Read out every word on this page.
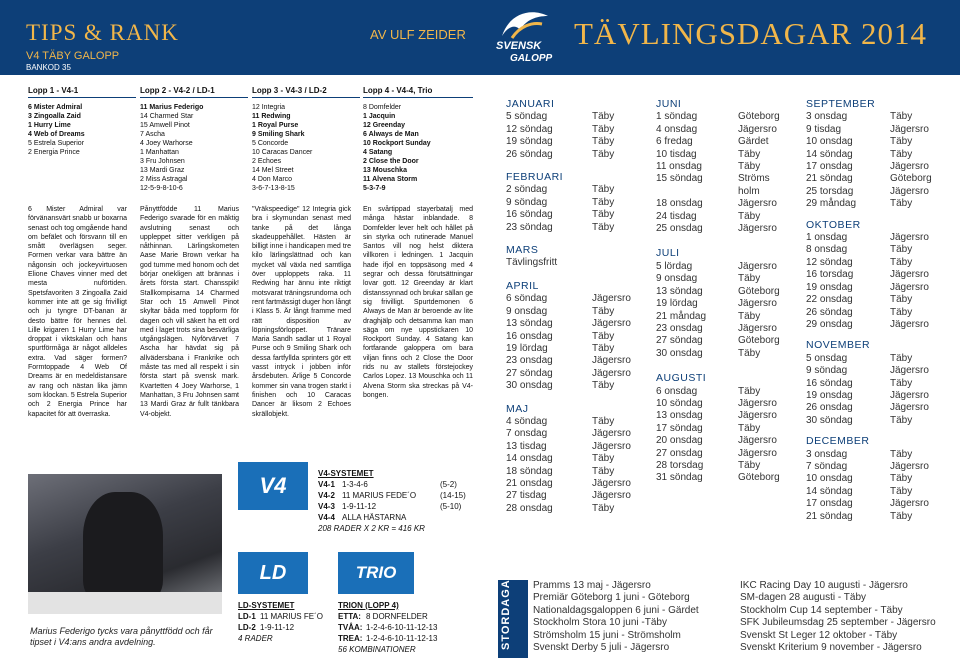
TIPS & RANK
V4 TÄBY GALOPP
BANKOD 35
AV ULF ZEIDER
SVENSK
GALOPP
TÄVLINGSDAGAR 2014
Lopp 1 - V4-1	Lopp 2 - V4-2 / LD-1	Lopp 3 - V4-3 / LD-2	Lopp 4 - V4-4, Trio
6 Mister Admiral
3 Zingoalla Zaid
1 Hurry Lime
4 Web of Dreams
5 Estrela Superior
2 Energia Prince
11 Marius Federigo
14 Charmed Star
15 Amwell Pinot
7 Ascha
4 Joey Warhorse
1 Manhattan
3 Fru Johnsen
13 Mardi Graz
2 Miss Astragal
12-5-9-8-10-6
12 Integria
11 Redwing
1 Royal Purse
9 Smiling Shark
5 Concorde
10 Caracas Dancer
2 Echoes
14 Mel Street
4 Don Marco
3-6-7-13-8-15
8 Domfelder
1 Jacquin
12 Greenday
6 Always de Man
10 Rockport Sunday
4 Satang
2 Close the Door
13 Mouschka
11 Alvena Storm
5-3-7-9
6 Mister Admiral var förvänansvärt snabb ur boxarna senast och tog omgående hand om befälet och försvann till en smått överlägsen seger. Formen verkar vara bättre än någonsin och jockeyvirtuosen Elione Chaves vinner med det mesta nuförtiden. Spetsfavoriten 3 Zingoalla Zaid kommer inte att ge sig frivilligt och ju tyngre DT-banan är desto bättre för hennes del. Lille krigaren 1 Hurry Lime har droppat i viktskalan och hans spurtförmåga är något alldeles extra. Vad säger formen? Formtoppade 4 Web Of Dreams är en medeldistansare av rang och nästan lika jämn som klockan. 5 Estrela Superior och 2 Energia Prince har kapacitet för att överraska.
Pånyttfödde 11 Marius Federigo svarade för en mäktig avslutning senast och uppleppet sitter verkligen på nåthinnan. Lärlingskometen Aase Marie Brown verkar ha god tumme med honom och det börjar onekligen att brännas i årets första start. Chansspik! Stallkompisarna 14 Charmed Star och 15 Amwell Pinot skyltar båda med toppform för dagen och vill säkert ha ett ord med i laget trots sina besvärliga utgångslägen. Nyförvärvet 7 Ascha har hävdat sig på allvädersbana i Frankrike och måste tas med all respekt i sin första start på svensk mark. Kvartetten 4 Joey Warhorse, 1 Manhattan, 3 Fru Johnsen samt 13 Mardi Graz är fullt tänkbara V4-objekt.
"Vräkspeedige" 12 Integria gick bra i skymundan senast med tanke på det långa skadeuppehållet. Hästen är billigt inne i handicapen med tre kilo lärlingslättnad och kan mycket väl växla ned samtliga över upploppets raka. 11 Redwing har ännu inte riktigt motsvarat träningsrundorna och rent fartmässigt duger hon långt i Klass 5. Är långt framme med rätt disposition av löpningsförloppet. Tränare Maria Sandh sadlar ut 1 Royal Purse och 9 Smiling Shark och dessa fartfyllda sprinters gör ett vasst intryck i jobben inför årsdebuten. Ärlige 5 Concorde kommer sin vana trogen starkt i finishen och 10 Caracas Dancer är liksom 2 Echoes skrällobjekt.
En svårtippad stayerbatalj med många hästar inblandade. 8 Domfelder lever helt och hållet på sin styrka och rutinerade Manuel Santos vill nog helst diktera villkoren i ledningen. 1 Jacquin hade ifjol en toppsäsong med 4 segrar och dessa förutsättningar lovar gott. 12 Greenday är klart distanssynnad och brukar sällan ge sig frivilligt. Spurtdemonen 6 Always de Man är beroende av lite draghjälp och detsamma kan man säga om nye uppstickaren 10 Rockport Sunday. 4 Satang kan fortfarande galoppera om bara viljan finns och 2 Close the Door rids nu av stallets förstejockey Carlos Lopez. 13 Mouschka och 11 Alvena Storm ska streckas på V4-bongen.
Marius Federigo tycks vara pånyttfödd och får tipset i V4:ans andra avdelning.
V4	V4-SYSTEMET
V4-1 1-3-4-6	(5-2)
V4-2 11 MARIUS FEDE´O	(14-15)
V4-3 1-9-11-12	(5-10)
V4-4 ALLA HÄSTARNA
208 RADER X 2 KR = 416 KR
LD	TRIO
LD-SYSTEMET
LD-1 11 MARIUS FE´O
LD-2 1-9-11-12
4 RADER
TRION (LOPP 4)
ETTA: 8 DORNFELDER
TVÅA: 1-2-4-6-10-11-12-13
TREA: 1-2-4-6-10-11-12-13
56 KOMBINATIONER
JANUARI
5 söndag	Täby
12 söndag	Täby
19 söndag	Täby
26 söndag	Täby
FEBRUARI
2 söndag	Täby
9 söndag	Täby
16 söndag	Täby
23 söndag	Täby
MARS
Tävlingsfritt
APRIL
6 söndag	Jägersro
9 onsdag	Täby
13 söndag	Jägersro
16 onsdag	Täby
19 lördag	Täby
23 onsdag	Jägersro
27 söndag	Jägersro
30 onsdag	Täby
MAJ
4 söndag	Täby
7 onsdag	Jägersro
13 tisdag	Jägersro
14 onsdag	Täby
18 söndag	Täby
21 onsdag	Jägersro
27 tisdag	Jägersro
28 onsdag	Täby
JUNI
1 söndag	Göteborg
4 onsdag	Jägersro
6 fredag	Gärdet
10 tisdag	Täby
11 onsdag	Täby
15 söndag	Ströms
holm
18 onsdag	Jägersro
24 tisdag	Täby
25 onsdag	Jägersro
JULI
5 lördag	Jägersro
9 onsdag	Täby
13 söndag	Göteborg
19 lördag	Jägersro
21 måndag	Täby
23 onsdag	Jägersro
27 söndag	Göteborg
30 onsdag	Täby
AUGUSTI
6 onsdag	Täby
10 söndag	Jägersro
13 onsdag	Jägersro
17 söndag	Täby
20 onsdag	Jägersro
27 onsdag	Jägersro
28 torsdag	Täby
31 söndag	Göteborg
SEPTEMBER
3 onsdag	Täby
9 tisdag	Jägersro
10 onsdag	Täby
14 söndag	Täby
17 onsdag	Jägersro
21 söndag	Göteborg
25 torsdag	Jägersro
29 måndag	Täby
OKTOBER
1 onsdag	Jägersro
8 onsdag	Täby
12 söndag	Täby
16 torsdag	Jägersro
19 onsdag	Jägersro
22 onsdag	Täby
26 söndag	Täby
29 onsdag	Jägersro
NOVEMBER
5 onsdag	Täby
9 söndag	Jägersro
16 söndag	Täby
19 onsdag	Jägersro
26 onsdag	Jägersro
30 söndag	Täby
DECEMBER
3 onsdag	Täby
7 söndag	Jägersro
10 onsdag	Täby
14 söndag	Täby
17 onsdag	Jägersro
21 söndag	Täby
STORDAGAR Pramms 13 maj - Jägersro
Premiär Göteborg 1 juni - Göteborg
Nationaldagsgaloppen 6 juni - Gärdet
Stockholm Stora 10 juni -Täby
Strömsholm 15 juni - Strömsholm
Svenskt Derby 5 juli - Jägersro
IKC Racing Day 10 augusti - Jägersro
SM-dagen 28 augusti - Täby
Stockholm Cup 14 september - Täby
SFK Jubileumsdag 25 september - Jägersro
Svenskt St Leger 12 oktober - Täby
Svenskt Kriterium 9 november - Jägersro
